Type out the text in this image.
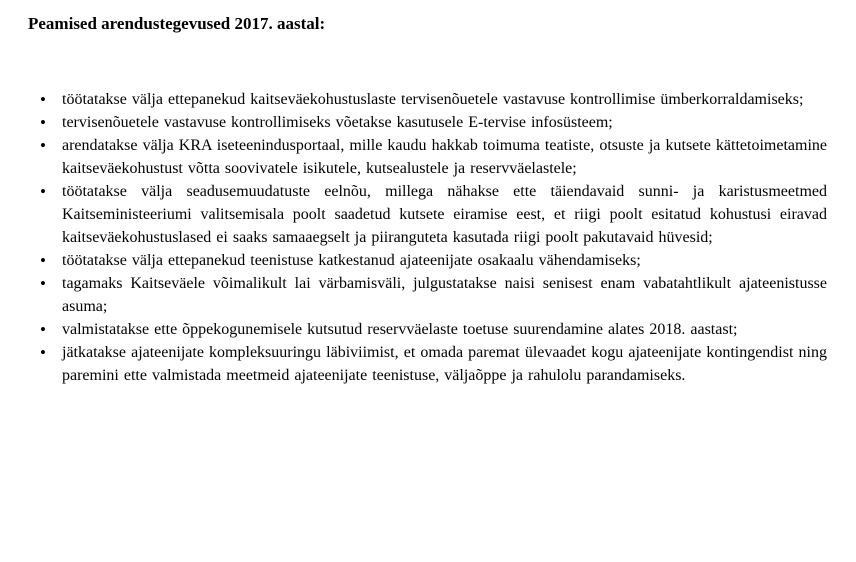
Peamised arendustegevused 2017. aastal:
•	töötatakse välja ettepanekud kaitseväekohustuslaste tervisenõuetele vastavuse kontrollimise ümberkorraldamiseks;
•	tervisenõuetele vastavuse kontrollimiseks võetakse kasutusele E-tervise infosüsteem;
•	arendatakse välja KRA iseteenindusportaal, mille kaudu hakkab toimuma teatiste, otsuste ja kutsete kättetoimetamine kaitseväekohustust võtta soovivatele isikutele, kutsealustele ja reservväelastele;
•	töötatakse välja seadusemuudatuste eelnõu, millega nähakse ette täiendavaid sunni- ja karistusmeetmed Kaitseministeeriumi valitsemisala poolt saadetud kutsete eiramise eest, et riigi poolt esitatud kohustusi eiravad kaitseväekohustuslased ei saaks samaaegselt ja piiranguteta kasutada riigi poolt pakutavaid hüvesid;
•	töötatakse välja ettepanekud teenistuse katkestanud ajateenijate osakaalu vähendamiseks;
•	tagamaks Kaitseväele võimalikult lai värbamisväli, julgustatakse naisi senisest enam vabatahtlikult ajateenistusse asuma;
•	valmistatakse ette õppekogunemisele kutsutud reservväelaste toetuse suurendamine alates 2018. aastast;
•	jätkatakse ajateenijate kompleksuuringu läbiviimist, et omada paremat ülevaadet kogu ajateenijate kontingendist ning paremini ette valmistada meetmeid ajateenijate teenistuse, väljaõppe ja rahulolu parandamiseks.
